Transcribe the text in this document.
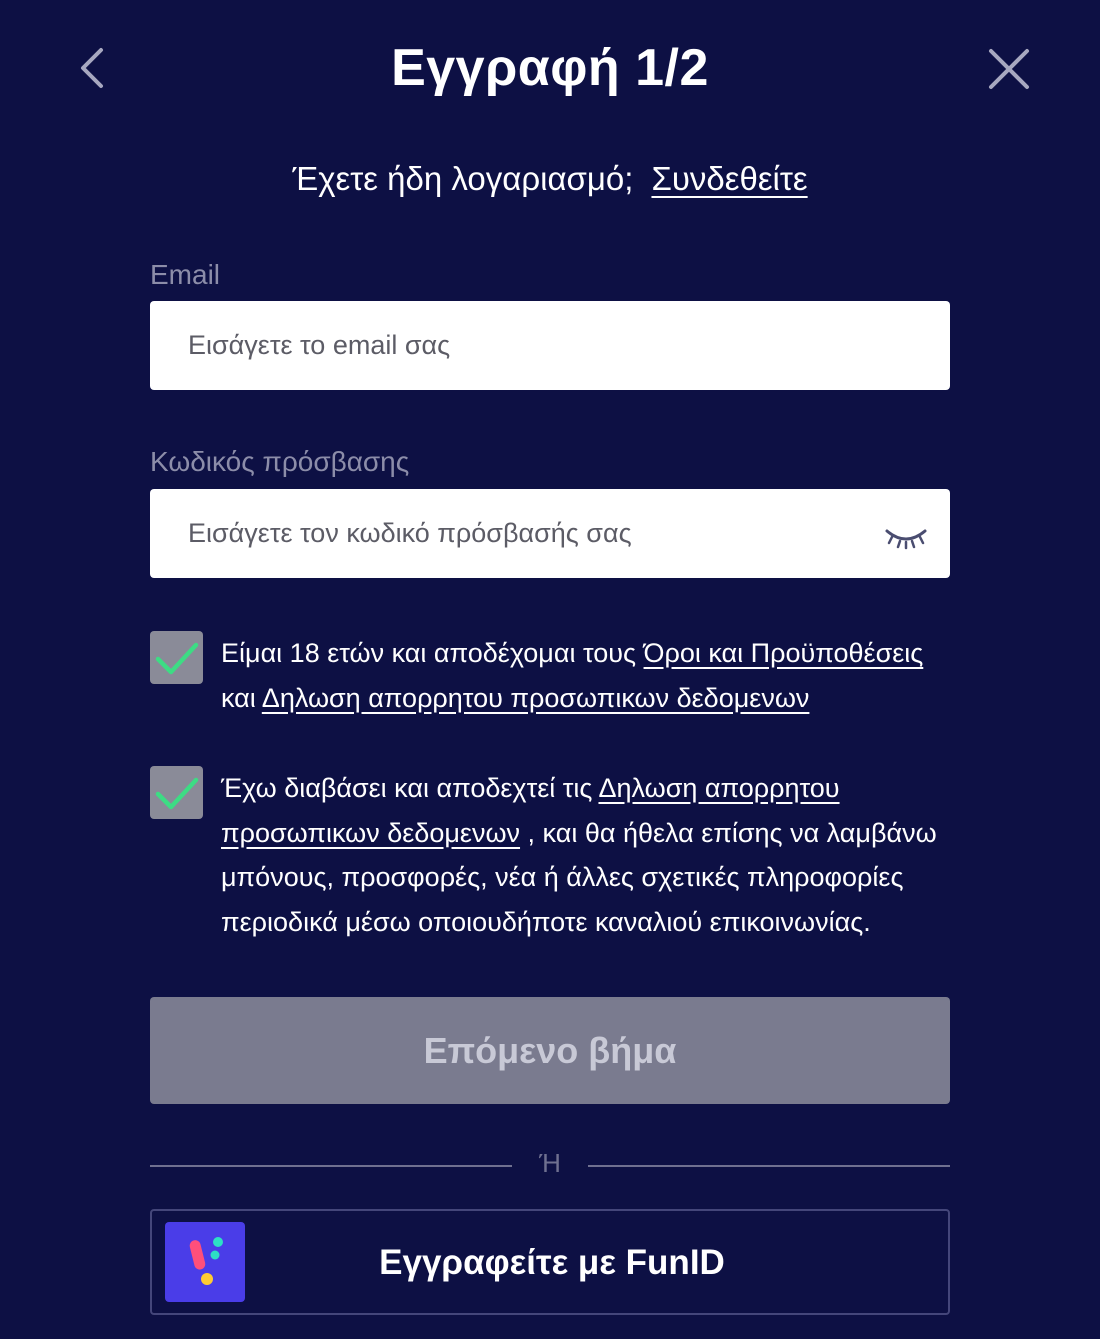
Εγγραφή 1/2
Έχετε ήδη λογαριασμό; Συνδεθείτε
Email
Εισάγετε το email σας
Κωδικός πρόσβασης
Είμαι 18 ετών και αποδέχομαι τους Όροι και Προϋποθέσεις
και Δηλωση απορρητου προσωπικων δεδομενων
Έχω διαβάσει και αποδεχτεί τις Δηλωση απορρητου προσωπικων δεδομενων , και θα ήθελα επίσης να λαμβάνω μπόνους, προσφορές, νέα ή άλλες σχετικές πληροφορίες περιοδικά μέσω οποιουδήποτε καναλιού επικοινωνίας.
Επόμενο βήμα
Ή
Εγγραφείτε με FunID
